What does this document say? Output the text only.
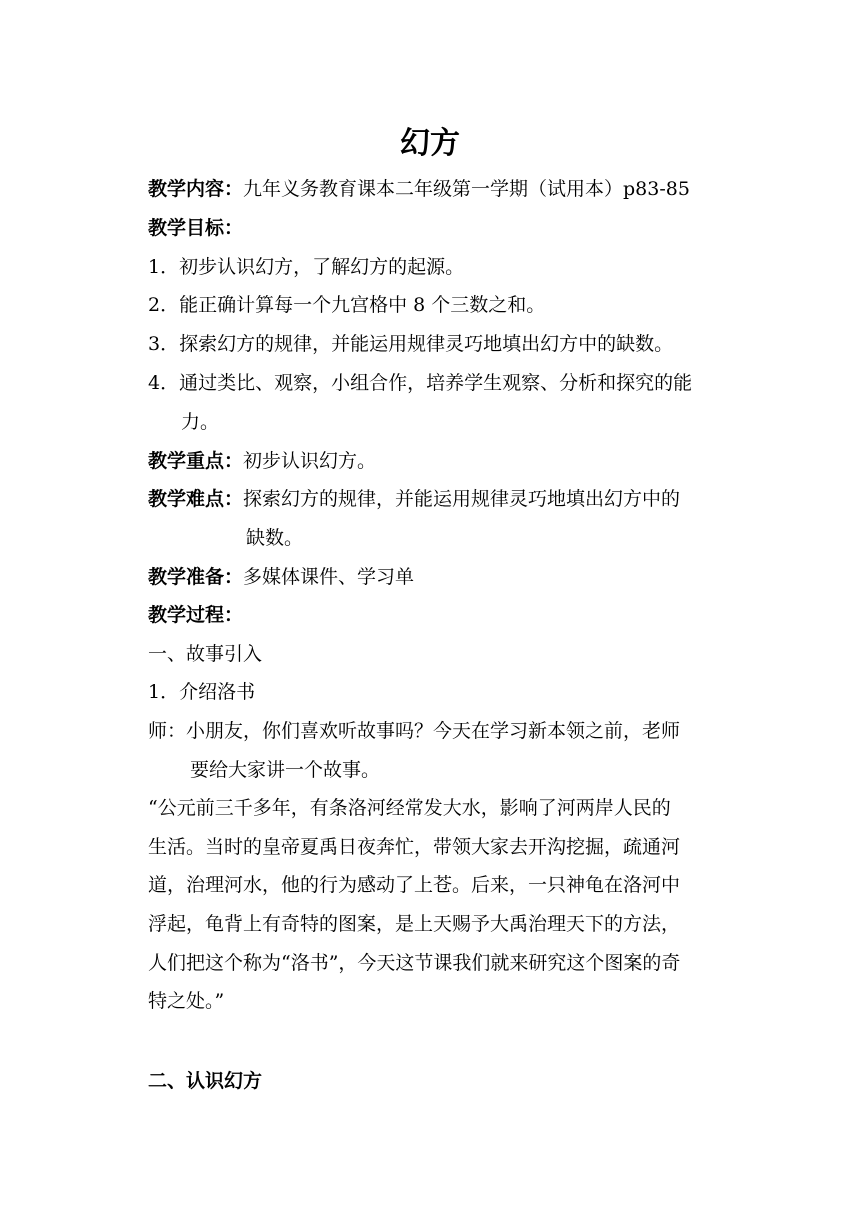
幻方
教学内容：九年义务教育课本二年级第一学期（试用本）p83-85
教学目标：
1．初步认识幻方，了解幻方的起源。
2．能正确计算每一个九宫格中 8 个三数之和。
3．探索幻方的规律，并能运用规律灵巧地填出幻方中的缺数。
4．通过类比、观察，小组合作，培养学生观察、分析和探究的能
力。
教学重点：初步认识幻方。
教学难点：探索幻方的规律，并能运用规律灵巧地填出幻方中的
缺数。
教学准备：多媒体课件、学习单
教学过程：
一、故事引入
1．介绍洛书
师：小朋友，你们喜欢听故事吗？今天在学习新本领之前，老师
要给大家讲一个故事。
“公元前三千多年，有条洛河经常发大水，影响了河两岸人民的
生活。当时的皇帝夏禹日夜奔忙，带领大家去开沟挖掘，疏通河
道，治理河水，他的行为感动了上苍。后来，一只神龟在洛河中
浮起，龟背上有奇特的图案，是上天赐予大禹治理天下的方法，
人们把这个称为“洛书”，今天这节课我们就来研究这个图案的奇
特之处。”
二、认识幻方
